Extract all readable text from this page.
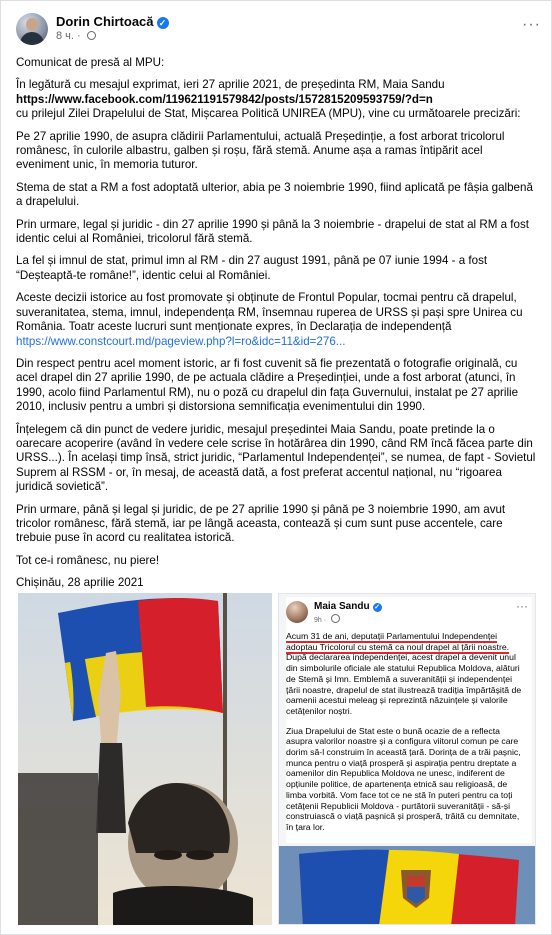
Dorin Chirtoacă ✓
8 ч. ·
···

Comunicat de presă al MPU:

În legătură cu mesajul exprimat, ieri 27 aprilie 2021, de președinta RM, Maia Sandu
https://www.facebook.com/119621191579842/posts/1572815209593759/?d=n
cu prilejul Zilei Drapelului de Stat, Mișcarea Politică UNIREA (MPU), vine cu următoarele precizări:

Pe 27 aprilie 1990, de asupra clădirii Parlamentului, actuală Președinție, a fost arborat tricolorul românesc, în culorile albastru, galben și roșu, fără stemă. Anume așa a ramas întipărit acel eveniment unic, în memoria tuturor.

Stema de stat a RM a fost adoptată ulterior, abia pe 3 noiembrie 1990, fiind aplicată pe fâșia galbenă a drapelului.

Prin urmare, legal și juridic - din 27 aprilie 1990 și până la 3 noiembrie - drapelui de stat al RM a fost identic celui al României, tricolorul fără stemă.

La fel și imnul de stat, primul imn al RM - din 27 august 1991, până pe 07 iunie 1994 - a fost “Deșteaptă-te române!”, identic celui al României.

Aceste decizii istorice au fost promovate și obținute de Frontul Popular, tocmai pentru că drapelul, suveranitatea, stema, imnul, independența RM, însemnau ruperea de URSS și pași spre Unirea cu România. Toatr aceste lucruri sunt menționate expres, în Declarația de independență
https://www.constcourt.md/pageview.php?l=ro&idc=11&id=276...

Din respect pentru acel moment istoric, ar fi fost cuvenit să fie prezentată o fotografie originală, cu acel drapel din 27 aprilie 1990, de pe actuala clădire a Președinției, unde a fost arborat (atunci, în 1990, acolo fiind Parlamentul RM), nu o poză cu drapelul din fața Guvernului, instalat pe 27 aprilie 2010, inclusiv pentru a umbri și distorsiona semnificația evenimentului din 1990.

Înțelegem că din punct de vedere juridic, mesajul președintei Maia Sandu, poate pretinde la o oarecare acoperire (având în vedere cele scrise în hotărârea din 1990, când RM încă făcea parte din URSS...). În același timp însă, strict juridic, “Parlamentul Independenței”, se numea, de fapt - Sovietul Suprem al RSSM - or, în mesaj, de această dată, a fost preferat accentul național, nu “rigoarea juridică sovietică”.

Prin urmare, până și legal și juridic, de pe 27 aprilie 1990 și până pe 3 noiembrie 1990, am avut tricolor românesc, fără stemă, iar pe lângă aceasta, contează și cum sunt puse accentele, care trebuie puse în acord cu realitatea istorică.

Tot ce-i românesc, nu piere!

Chișinău, 28 aprilie 2021

Maia Sandu ✓
9h ·
···

Acum 31 de ani, deputații Parlamentului Independenței adoptau Tricolorul cu stemă ca noul drapel al țării noastre. După declararea independenței, acest drapel a devenit unul din simbolurile oficiale ale statului Republica Moldova, alături de Stemă și Imn. Emblemă a suveranității și independenței țării noastre, drapelul de stat ilustrează tradiția împărtășită de oamenii acestui meleag și reprezintă năzuințele și valorile cetățenilor noștri.

Ziua Drapelului de Stat este o bună ocazie de a reflecta asupra valorilor noastre și a configura viitorul comun pe care dorim să-l construim în această țară. Dorința de a trăi pașnic, munca pentru o viață prosperă și aspirația pentru dreptate a oamenilor din Republica Moldova ne unesc, indiferent de opțiunile politice, de apartenența etnică sau religioasă, de limba vorbită. Vom face tot ce ne stă în puteri pentru ca toți cetățenii Republicii Moldova - purtătorii suveranității - să-și construiască o viață pașnică și prosperă, trăită cu demnitate, în țara lor.
